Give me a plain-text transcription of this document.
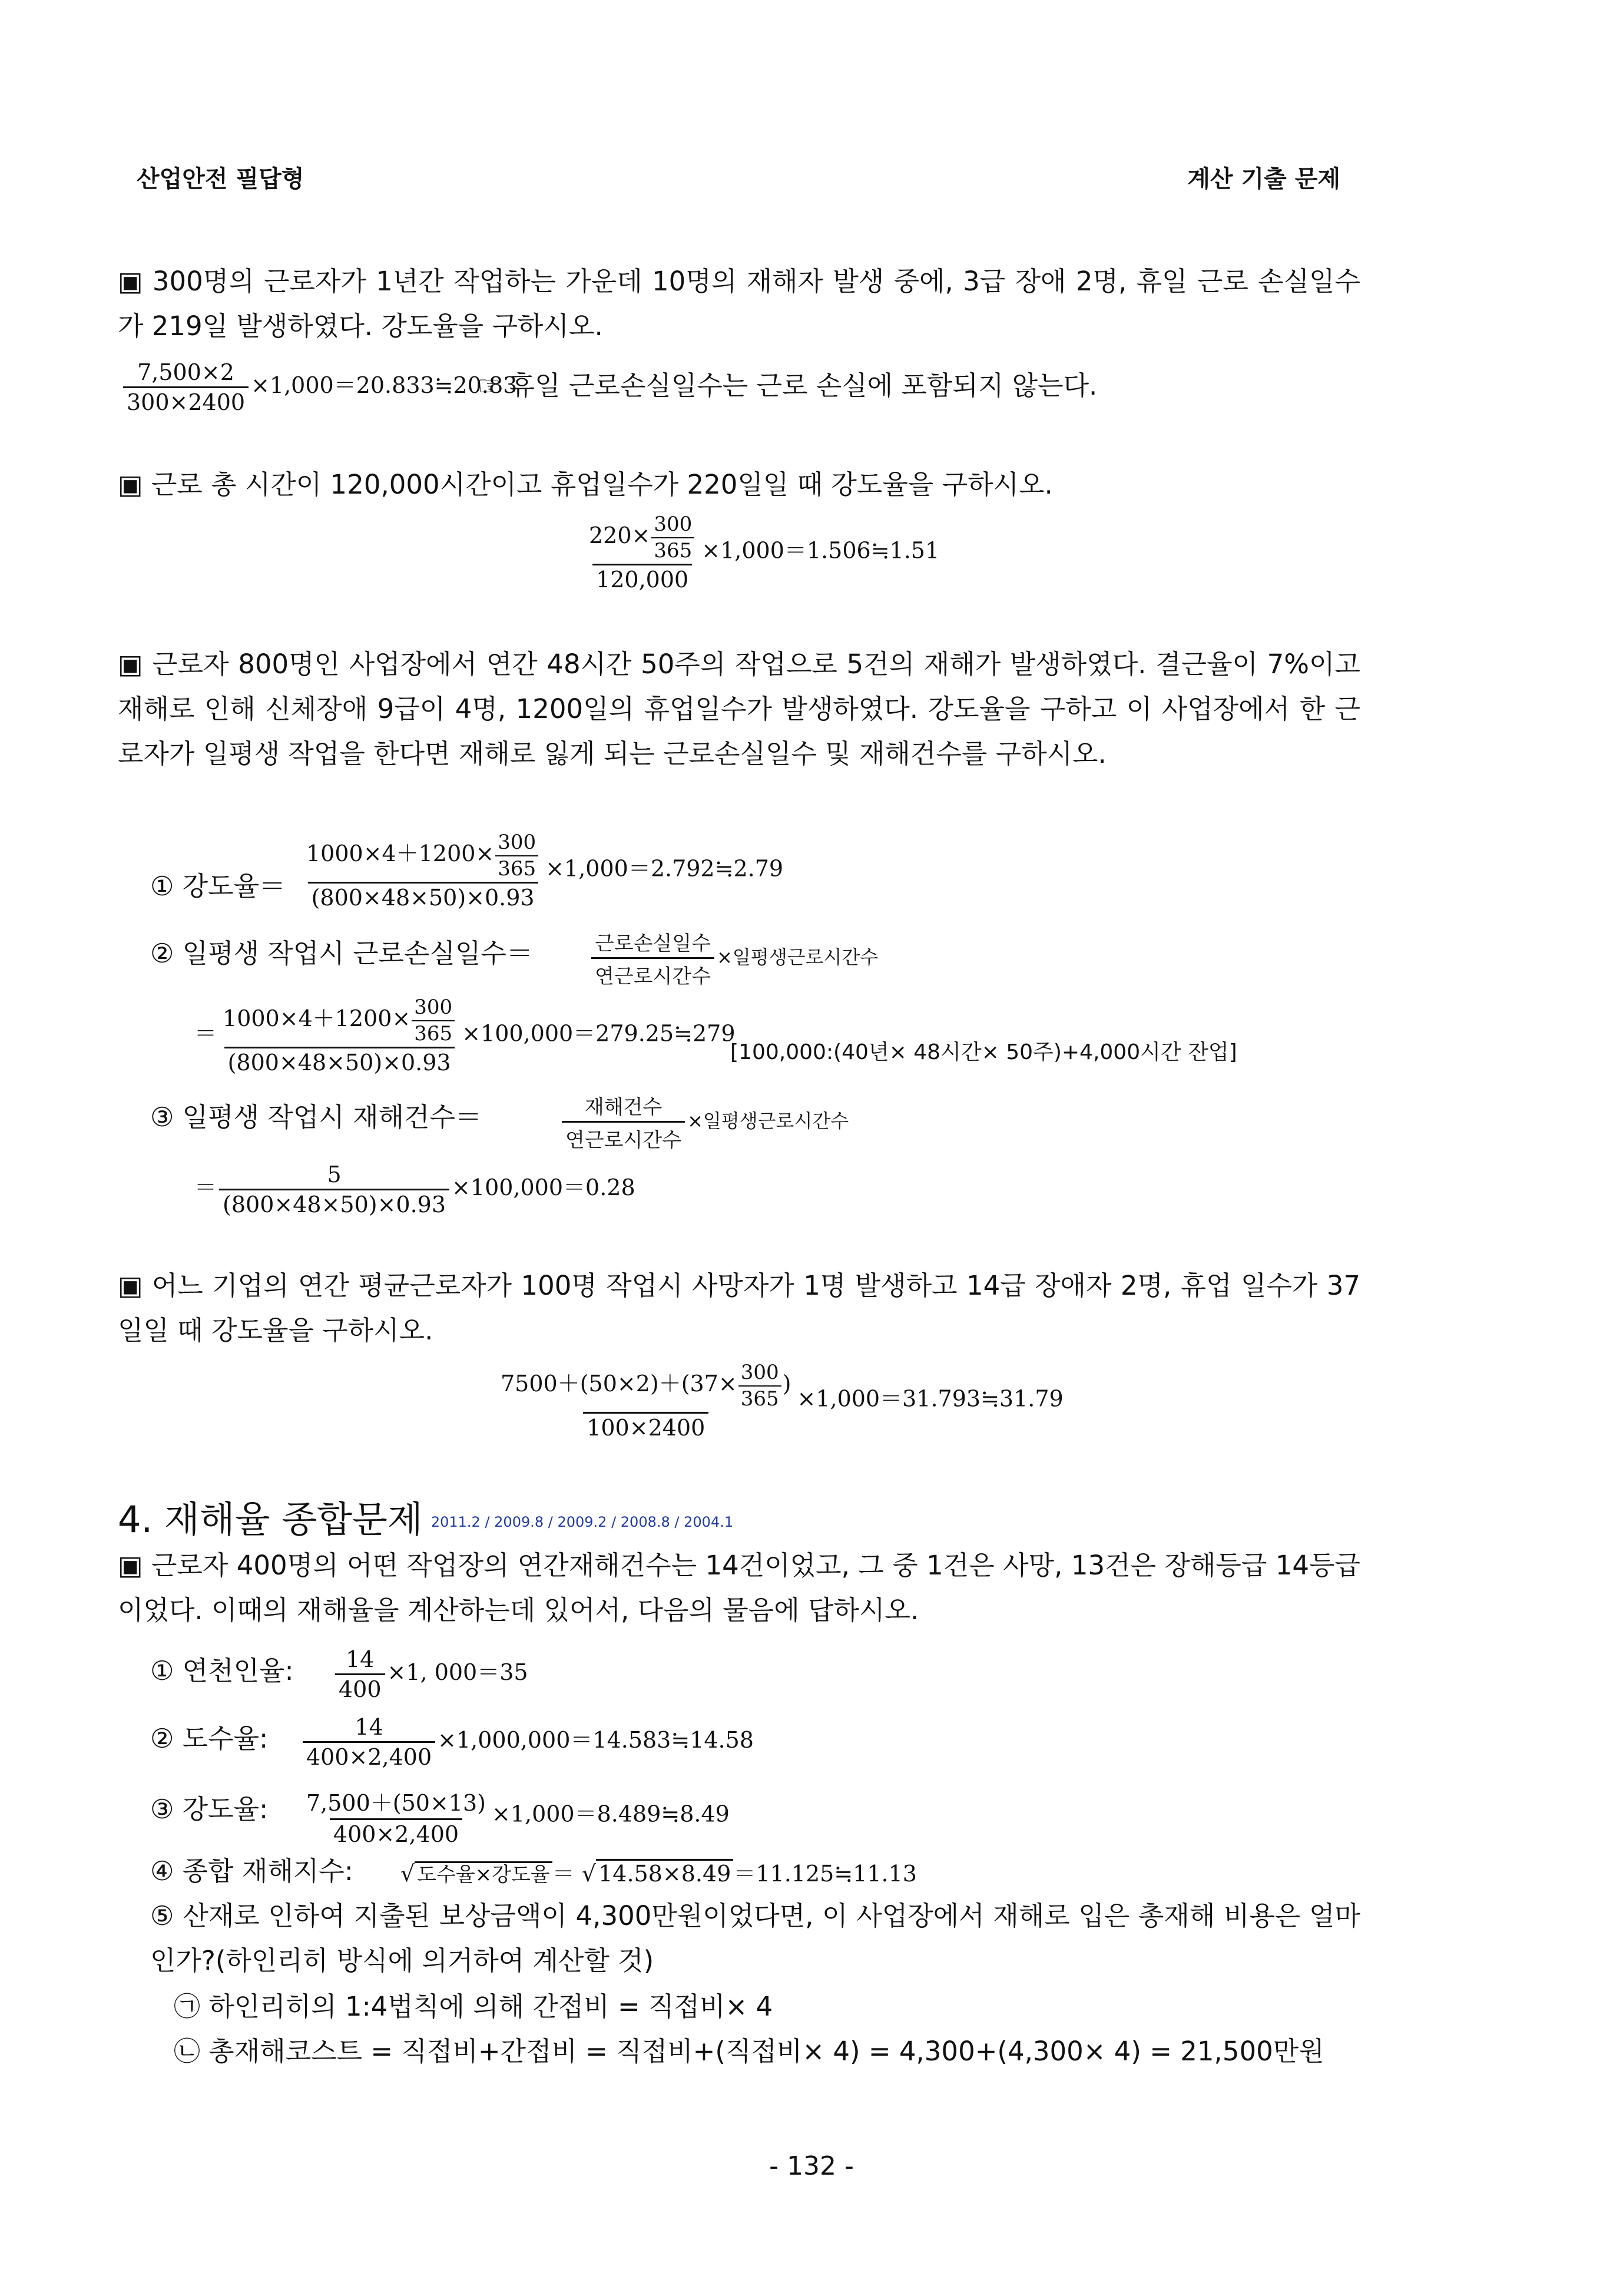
산업안전 필답형	계산 기출 문제
▣ 300명의 근로자가 1년간 작업하는 가운데 10명의 재해자 발생 중에, 3급 장애 2명, 휴일 근로 손실일수가 219일 발생하였다. 강도율을 구하시오.
$\frac{7,500\times 2}{300\times 2400}$ ×1,000＝20.833≒20.83
☞ 휴일 근로손실일수는 근로 손실에 포함되지 않는다.
▣ 근로 총 시간이 120,000시간이고 휴업일수가 220일일 때 강도율을 구하시오.
$\frac{220\times \frac{300}{365}}{120,000}$ ×1,000＝1.506≒1.51
▣ 근로자 800명인 사업장에서 연간 48시간 50주의 작업으로 5건의 재해가 발생하였다. 결근율이 7%이고 재해로 인해 신체장애 9급이 4명, 1200일의 휴업일수가 발생하였다. 강도율을 구하고 이 사업장에서 한 근로자가 일평생 작업을 한다면 재해로 잃게 되는 근로손실일수 및 재해건수를 구하시오.
① 강도율＝ $\frac{1000\times 4+1200\times \frac{300}{365}}{(800\times 48\times 50)\times 0.93}$ ×1,000＝2.792≒2.79
② 일평생 작업시 근로손실일수＝	$\frac{\text{근로손실일수}}{\text{연근로시간수}}$ ×일평생근로시간수
＝ $\frac{1000\times 4+1200\times \frac{300}{365}}{(800\times 48\times 50)\times 0.93}$ ×100,000＝279.25≒279
[100,000:(40년× 48시간× 50주)+4,000시간 잔업]
③ 일평생 작업시 재해건수＝	$\frac{\text{재해건수}}{\text{연근로시간수}}$ ×일평생근로시간수
＝ $\frac{5}{(800\times 48\times 50)\times 0.93} \times 100,000=0.28$
▣ 어느 기업의 연간 평균근로자가 100명 작업시 사망자가 1명 발생하고 14급 장애자 2명, 휴업 일수가 37일일 때 강도율을 구하시오.
$\frac{7500+(50\times 2)+(37\times \frac{300}{365} )}{100\times 2400}$ ×1,000＝31.793≒31.79
4. 재해율 종합문제 2011.2 / 2009.8 / 2009.2 / 2008.8 / 2004.1
▣ 근로자 400명의 어떤 작업장의 연간재해건수는 14건이었고, 그 중 1건은 사망, 13건은 장해등급 14등급이었다. 이때의 재해율을 계산하는데 있어서, 다음의 물음에 답하시오.
① 연천인율: $\frac{14}{400} \times 1$, 000＝35
② 도수율: $\frac{14}{400\times 2,400}$ ×1,000,000＝14.583≒14.58
③ 강도율: $\frac{7,500+(50\times 13)}{400\times 2,400}$ ×1,000＝8.489≒8.49
④ 종합 재해지수: √ 도수율×강도율 ＝ √ 14.58×8.49 ＝11.125≒11.13
⑤ 산재로 인하여 지출된 보상금액이 4,300만원이었다면, 이 사업장에서 재해로 입은 총재해 비용은 얼마인가?(하인리히 방식에 의거하여 계산할 것)
㉠ 하인리히의 1:4법칙에 의해 간접비 = 직접비× 4
㉡ 총재해코스트 = 직접비+간접비 = 직접비+(직접비× 4) = 4,300+(4,300× 4) = 21,500만원
- 132 -
